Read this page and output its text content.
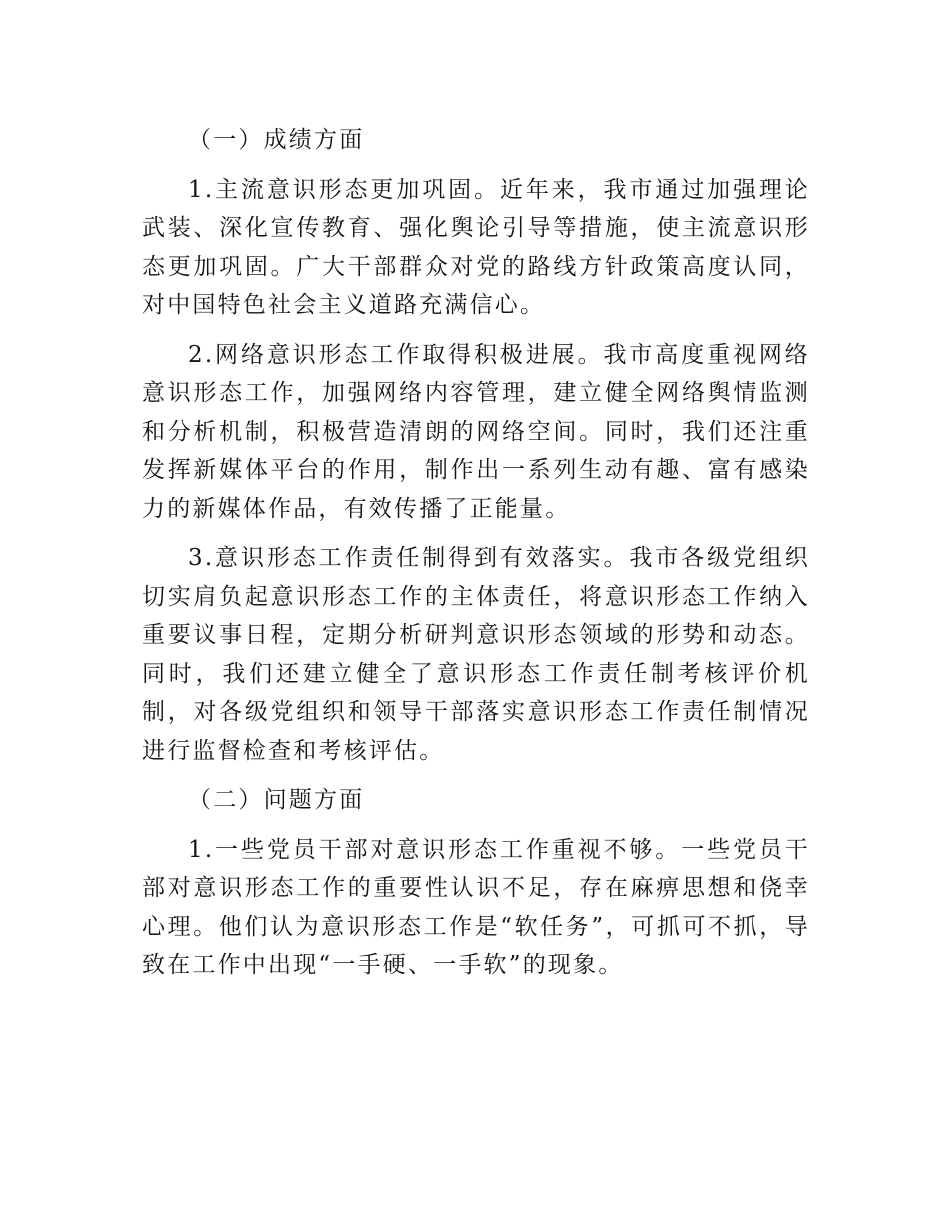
（一）成绩方面

1.主流意识形态更加巩固。近年来，我市通过加强理论武装、深化宣传教育、强化舆论引导等措施，使主流意识形态更加巩固。广大干部群众对党的路线方针政策高度认同，对中国特色社会主义道路充满信心。

2.网络意识形态工作取得积极进展。我市高度重视网络意识形态工作，加强网络内容管理，建立健全网络舆情监测和分析机制，积极营造清朗的网络空间。同时，我们还注重发挥新媒体平台的作用，制作出一系列生动有趣、富有感染力的新媒体作品，有效传播了正能量。

3.意识形态工作责任制得到有效落实。我市各级党组织切实肩负起意识形态工作的主体责任，将意识形态工作纳入重要议事日程，定期分析研判意识形态领域的形势和动态。同时，我们还建立健全了意识形态工作责任制考核评价机制，对各级党组织和领导干部落实意识形态工作责任制情况进行监督检查和考核评估。

（二）问题方面

1.一些党员干部对意识形态工作重视不够。一些党员干部对意识形态工作的重要性认识不足，存在麻痹思想和侥幸心理。他们认为意识形态工作是“软任务”，可抓可不抓，导致在工作中出现“一手硬、一手软”的现象。
